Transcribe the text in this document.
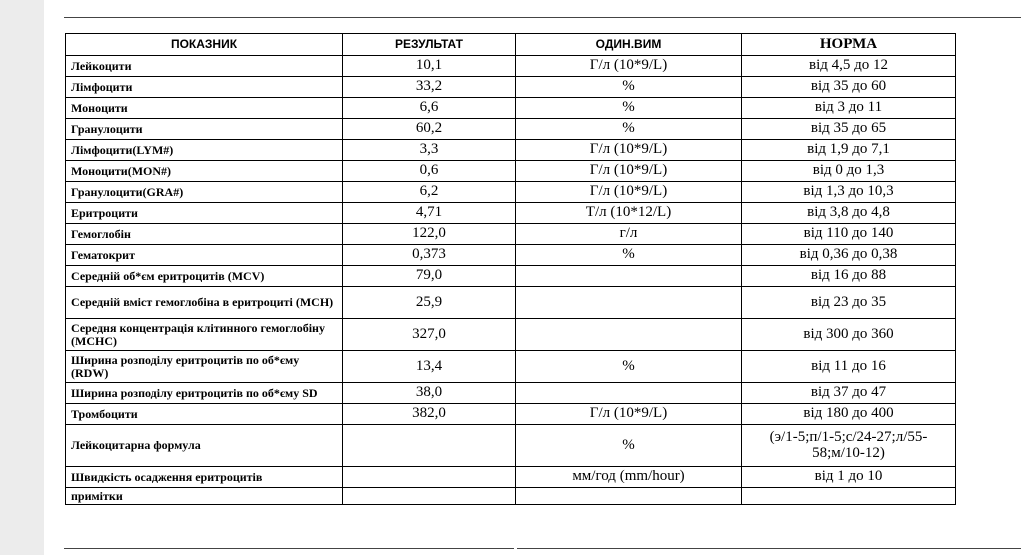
ПОКАЗНИК	РЕЗУЛЬТАТ	ОДИН.ВИМ	НОРМА
Лейкоцити	10,1	Г/л (10*9/L)	від 4,5 до 12
Лімфоцити	33,2	%	від 35 до 60
Моноцити	6,6	%	від 3 до 11
Гранулоцити	60,2	%	від 35 до 65
Лімфоцити(LYM#)	3,3	Г/л (10*9/L)	від 1,9 до 7,1
Моноцити(MON#)	0,6	Г/л (10*9/L)	від 0 до 1,3
Гранулоцити(GRA#)	6,2	Г/л (10*9/L)	від 1,3 до 10,3
Еритроцити	4,71	Т/л (10*12/L)	від 3,8 до 4,8
Гемоглобін	122,0	г/л	від 110 до 140
Гематокрит	0,373	%	від 0,36 до 0,38
Середній об*єм еритроцитів (MCV)	79,0		від 16 до 88
Середній вміст гемоглобіна в еритроциті (MCH)	25,9		від 23 до 35
Середня концентрація клітинного гемоглобіну (MCHC)	327,0		від 300 до 360
Ширина розподілу еритроцитів по об*єму (RDW)	13,4	%	від 11 до 16
Ширина розподілу еритроцитів по об*єму SD	38,0		від 37 до 47
Тромбоцити	382,0	Г/л (10*9/L)	від 180 до 400
Лейкоцитарна формула		%	(э/1-5;п/1-5;с/24-27;л/55-58;м/10-12)
Швидкість осадження еритроцитів		мм/год (mm/hour)	від 1 до 10
примітки			
